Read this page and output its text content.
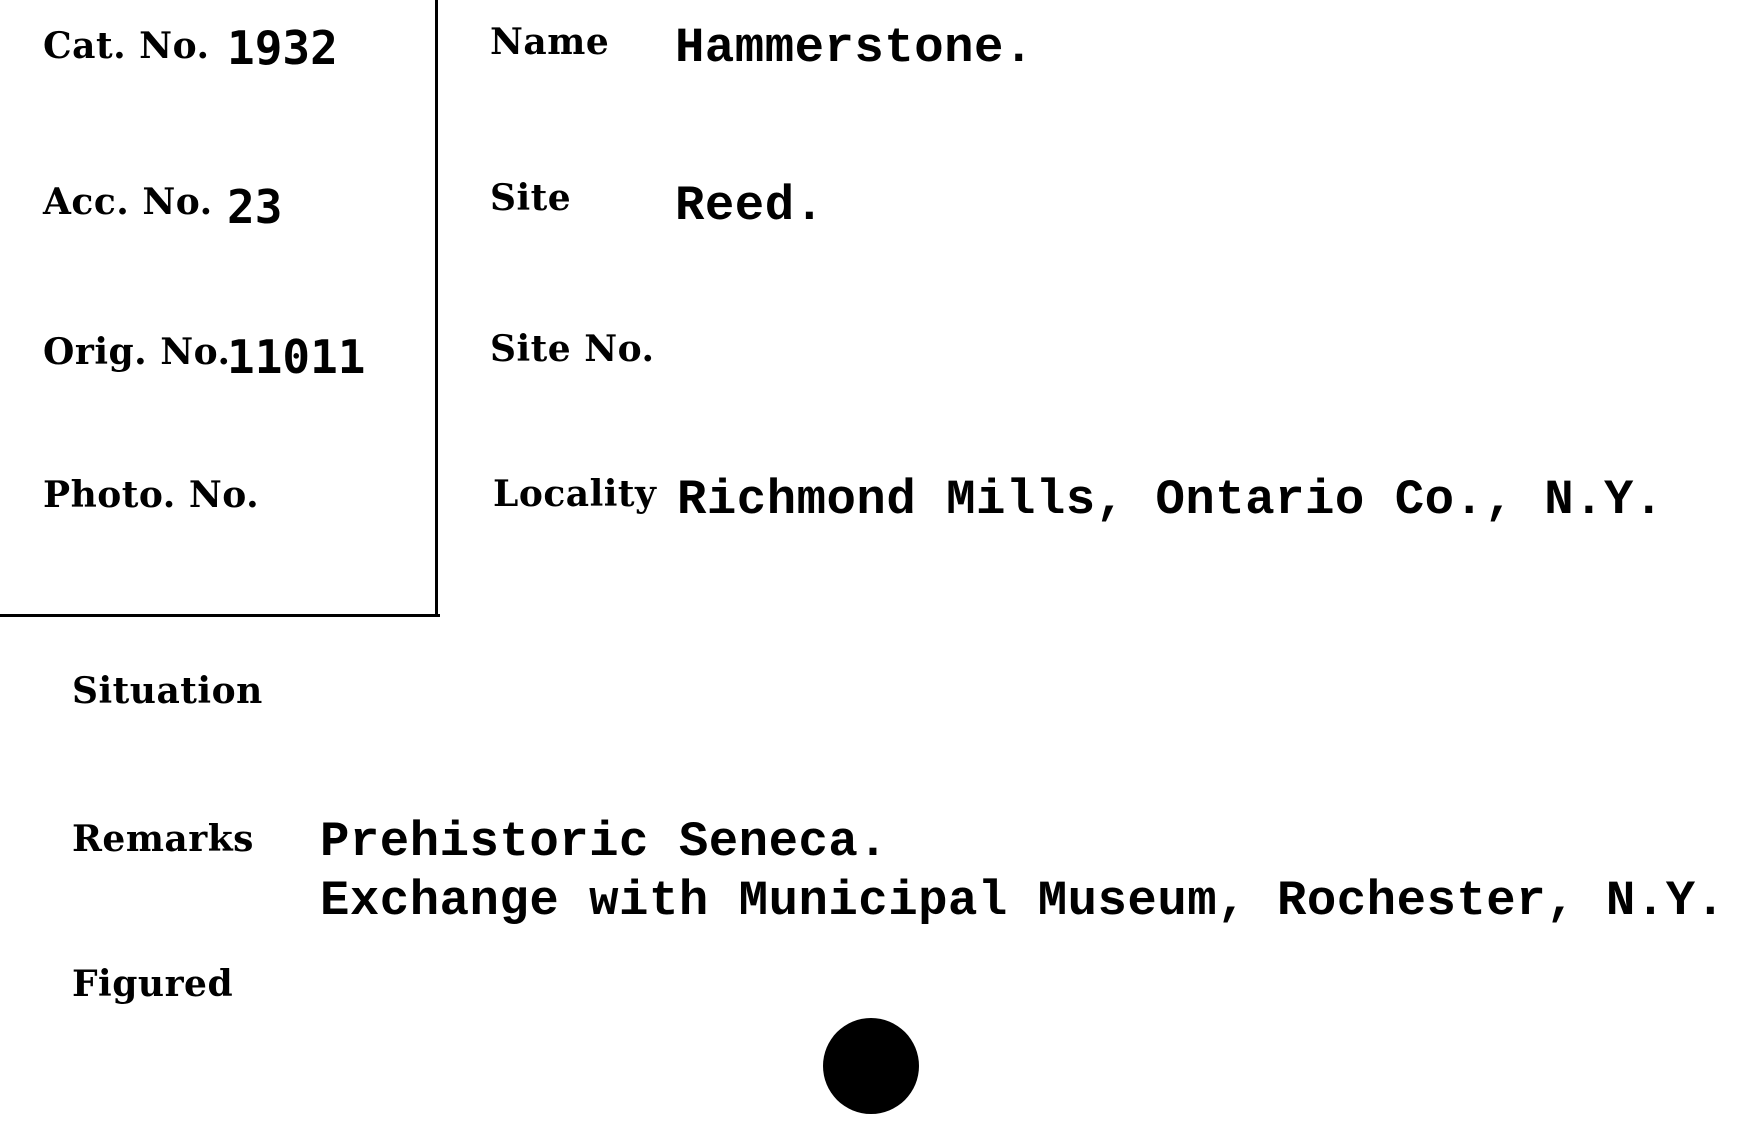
Cat. No. 1932
Acc. No. 23
Orig. No.
11011
Photo. No.
Name Hammerstone.
Site Reed.
Site No.
Locality Richmond Mills, Ontario Co., N.Y.
Situation
Remarks Prehistoric Seneca.
Exchange with Municipal Museum, Rochester, N.Y.
Figured
